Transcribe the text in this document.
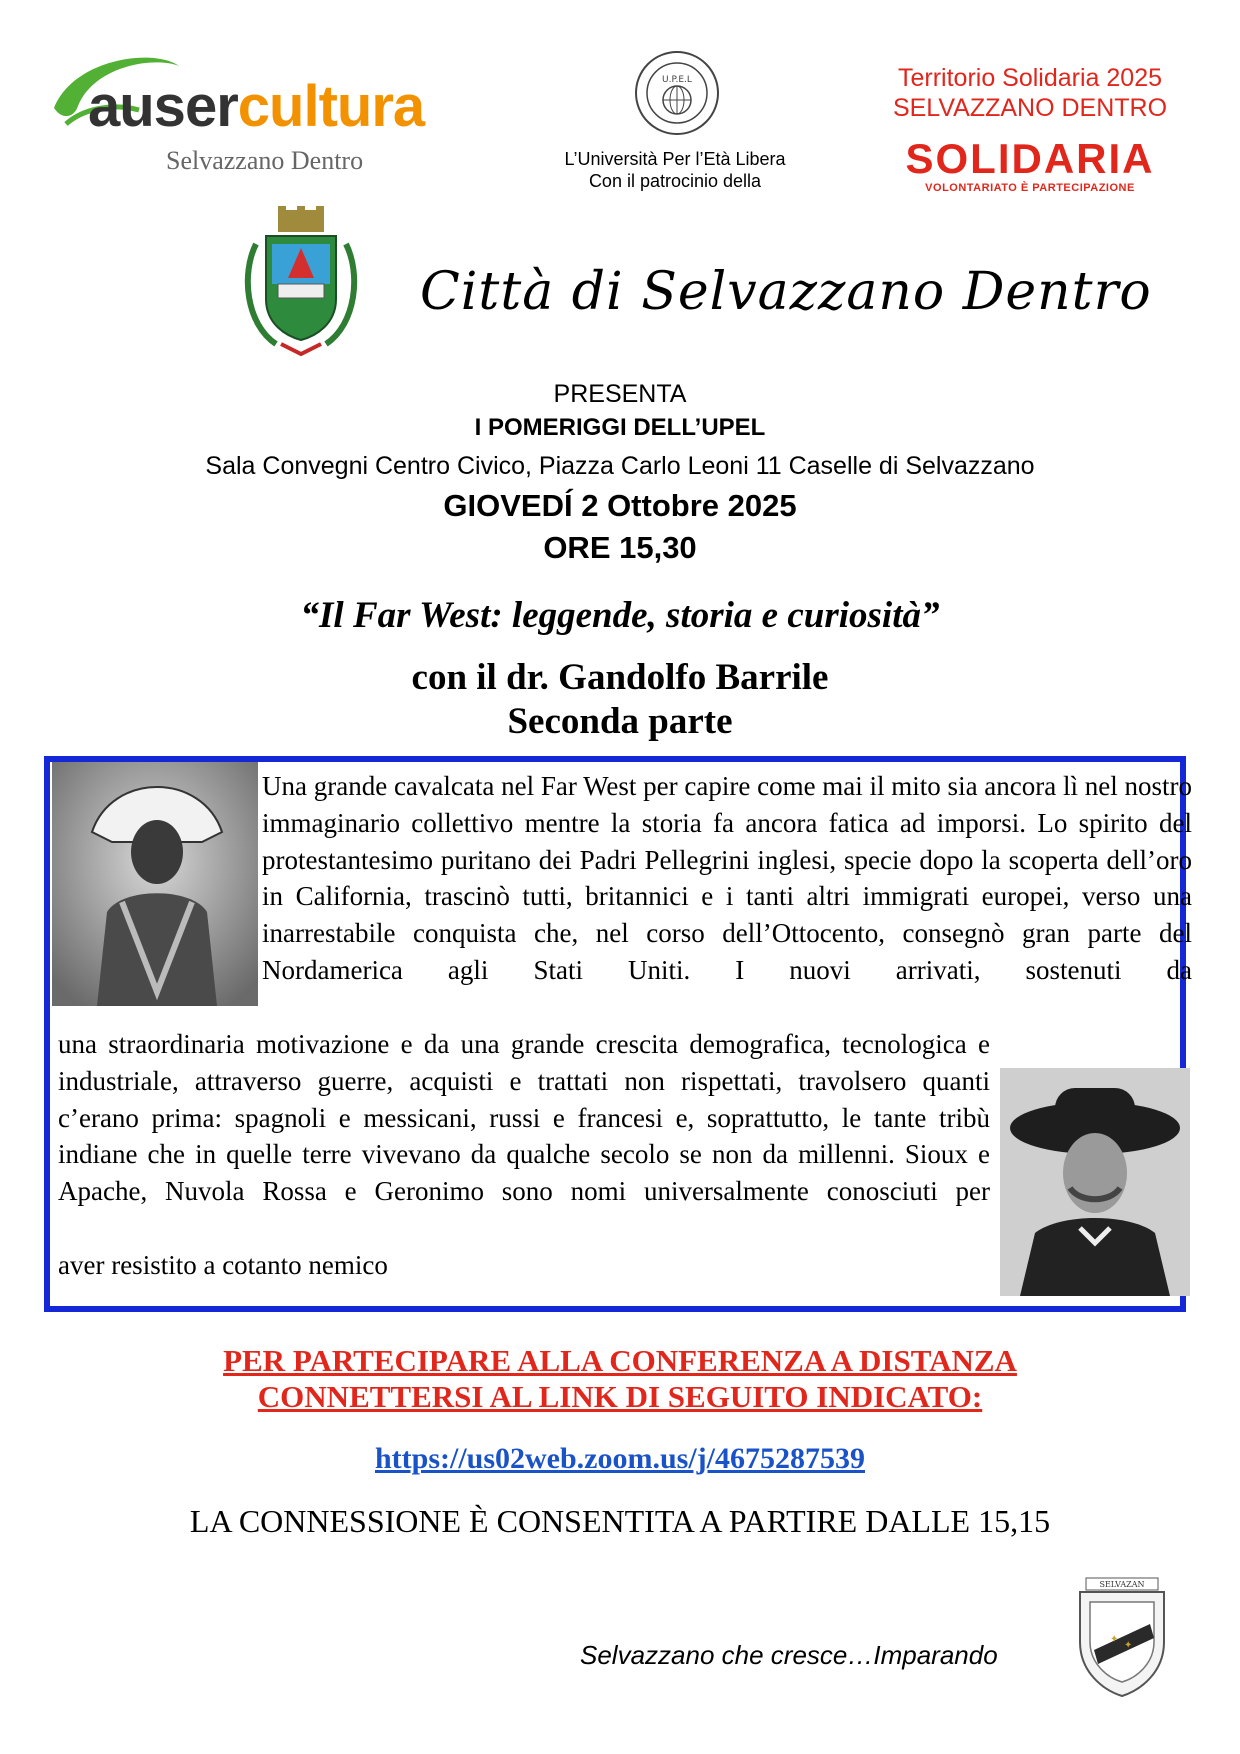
ausercultura
Selvazzano Dentro
U.P.E.L
L’Università Per l’Età Libera
Con il patrocinio della
Territorio Solidaria 2025
SELVAZZANO DENTRO
SOLIDARIA
VOLONTARIATO È PARTECIPAZIONE
Città di Selvazzano Dentro
PRESENTA
I POMERIGGI DELL’UPEL
Sala Convegni Centro Civico, Piazza Carlo Leoni 11 Caselle di Selvazzano
GIOVEDÍ 2 Ottobre 2025
ORE 15,30
“Il Far West: leggende, storia e curiosità”
con il dr. Gandolfo Barrile
Seconda parte
Una grande cavalcata nel Far West per capire come mai il mito sia ancora lì nel nostro immaginario collettivo mentre la storia fa ancora fatica ad imporsi. Lo spirito del protestantesimo puritano dei Padri Pellegrini inglesi, specie dopo la scoperta dell’oro in California, trascinò tutti, britannici e i tanti altri immigrati europei, verso una inarrestabile conquista che, nel corso dell’Ottocento, consegnò gran parte del Nordamerica agli Stati Uniti. I nuovi arrivati, sostenuti da
una straordinaria motivazione e da una grande crescita demografica, tecnologica e industriale, attraverso guerre, acquisti e trattati non rispettati, travolsero quanti c’erano prima: spagnoli e messicani, russi e francesi e, soprattutto, le tante tribù indiane che in quelle terre vivevano da qualche secolo se non da millenni. Sioux e Apache, Nuvola Rossa e Geronimo sono nomi universalmente conosciuti per
aver resistito a cotanto nemico
PER PARTECIPARE ALLA CONFERENZA A DISTANZA
CONNETTERSI AL LINK DI SEGUITO INDICATO:
https://us02web.zoom.us/j/4675287539
LA CONNESSIONE È CONSENTITA A PARTIRE DALLE 15,15
Selvazzano che cresce…Imparando
✦
✦
SELVAZAN
